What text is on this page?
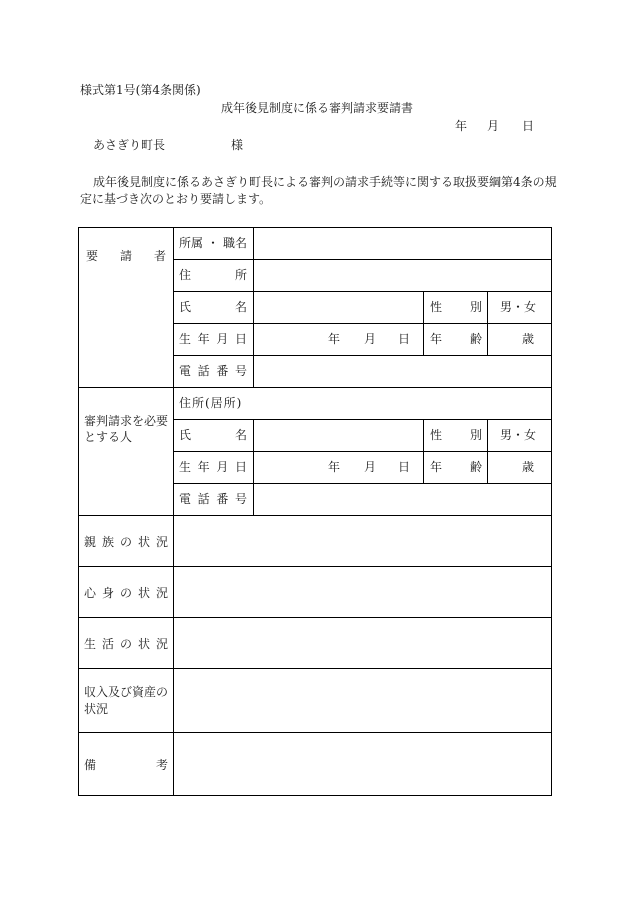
様式第1号(第4条関係)
成年後見制度に係る審判請求要請書
年 月 日
あさぎり町長	様
成年後見制度に係るあさぎり町長による審判の請求手続等に関する取扱要綱第4条の規
定に基づき次のとおり要請します。
要 請 者
所属 ・ 職名
住	所
氏	名	性 別 男・女
生 年 月 日	年 月 日 年 齢	歳
電 話 番 号
審判請求を必要
とする人
住所(居所)
氏	名	性 別 男・女
生 年 月 日	年 月 日 年 齢	歳
電 話 番 号
親 族 の 状 況
心 身 の 状 況
生 活 の 状 況
収入及び資産の
状況
備	考
